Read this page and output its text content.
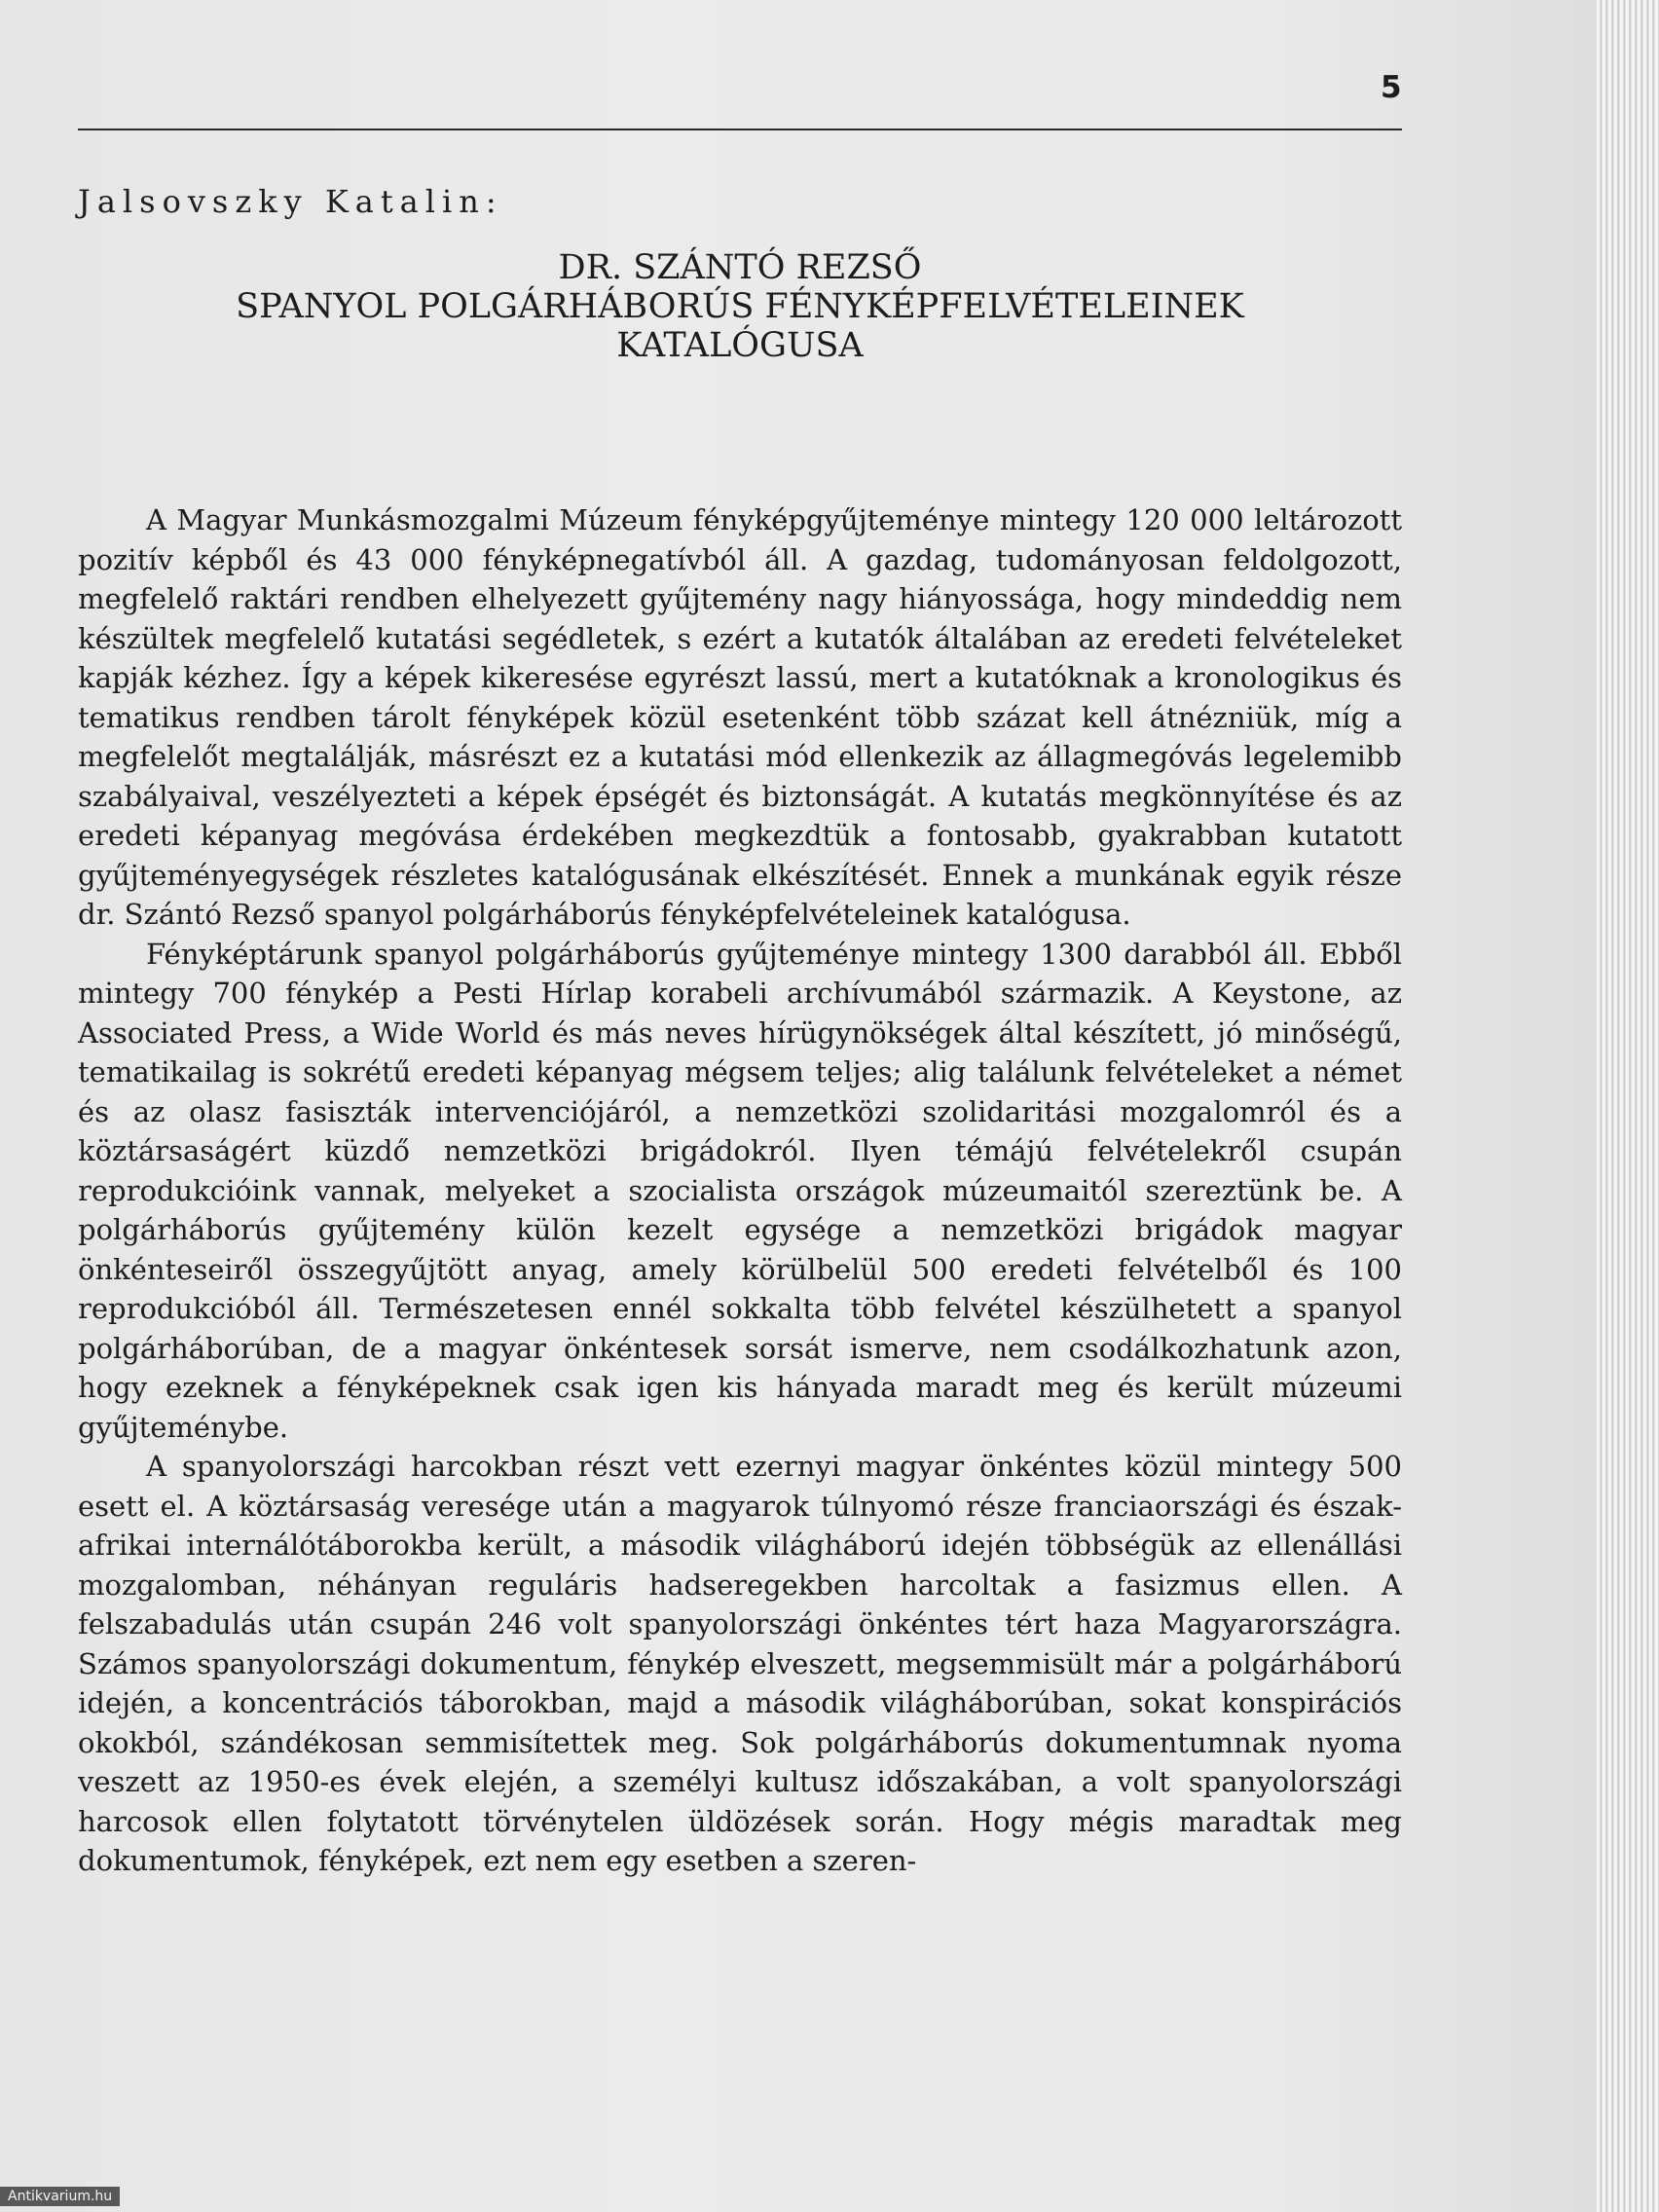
5
Jalsovszky Katalin:
DR. SZÁNTÓ REZSŐ
SPANYOL POLGÁRHÁBORÚS FÉNYKÉPFELVÉTELEINEK
KATALÓGUSA

A Magyar Munkásmozgalmi Múzeum fényképgyűjteménye mintegy 120 000 leltározott pozitív képből és 43 000 fényképnegatívból áll. A gazdag, tudományosan feldolgozott, megfelelő raktári rendben elhelyezett gyűjtemény nagy hiányossága, hogy mindeddig nem készültek megfelelő kutatási segédletek, s ezért a kutatók általában az eredeti felvételeket kapják kézhez. Így a képek kikeresése egyrészt lassú, mert a kutatóknak a kronologikus és tematikus rendben tárolt fényképek közül esetenként több százat kell átnézniük, míg a megfelelőt megtalálják, másrészt ez a kutatási mód ellenkezik az állagmegóvás legelemibb szabályaival, veszélyezteti a képek épségét és biztonságát. A kutatás megkönnyítése és az eredeti képanyag megóvása érdekében megkezdtük a fontosabb, gyakrabban kutatott gyűjteményegységek részletes katalógusának elkészítését. Ennek a munkának egyik része dr. Szántó Rezső spanyol polgárháborús fényképfelvételeinek katalógusa.

Fényképtárunk spanyol polgárháborús gyűjteménye mintegy 1300 darabból áll. Ebből mintegy 700 fénykép a Pesti Hírlap korabeli archívumából származik. A Keystone, az Associated Press, a Wide World és más neves hírügynökségek által készített, jó minőségű, tematikailag is sokrétű eredeti képanyag mégsem teljes; alig találunk felvételeket a német és az olasz fasiszták intervenciójáról, a nemzetközi szolidaritási mozgalomról és a köztársaságért küzdő nemzetközi brigádokról. Ilyen témájú felvételekről csupán reprodukcióink vannak, melyeket a szocialista országok múzeumaitól szereztünk be. A polgárháborús gyűjtemény külön kezelt egysége a nemzetközi brigádok magyar önkénteseiről összegyűjtött anyag, amely körülbelül 500 eredeti felvételből és 100 reprodukcióból áll. Természetesen ennél sokkalta több felvétel készülhetett a spanyol polgárháborúban, de a magyar önkéntesek sorsát ismerve, nem csodálkozhatunk azon, hogy ezeknek a fényképeknek csak igen kis hányada maradt meg és került múzeumi gyűjteménybe.

A spanyolországi harcokban részt vett ezernyi magyar önkéntes közül mintegy 500 esett el. A köztársaság veresége után a magyarok túlnyomó része franciaországi és észak-afrikai internálótáborokba került, a második világháború idején többségük az ellenállási mozgalomban, néhányan reguláris hadseregekben harcoltak a fasizmus ellen. A felszabadulás után csupán 246 volt spanyolországi önkéntes tért haza Magyarországra. Számos spanyolországi dokumentum, fénykép elveszett, megsemmisült már a polgárháború idején, a koncentrációs táborokban, majd a második világháborúban, sokat konspirációs okokból, szándékosan semmisítettek meg. Sok polgárháborús dokumentumnak nyoma veszett az 1950-es évek elején, a személyi kultusz időszakában, a volt spanyolországi harcosok ellen folytatott törvénytelen üldözések során. Hogy mégis maradtak meg dokumentumok, fényképek, ezt nem egy esetben a szeren-

Antikvarium.hu
